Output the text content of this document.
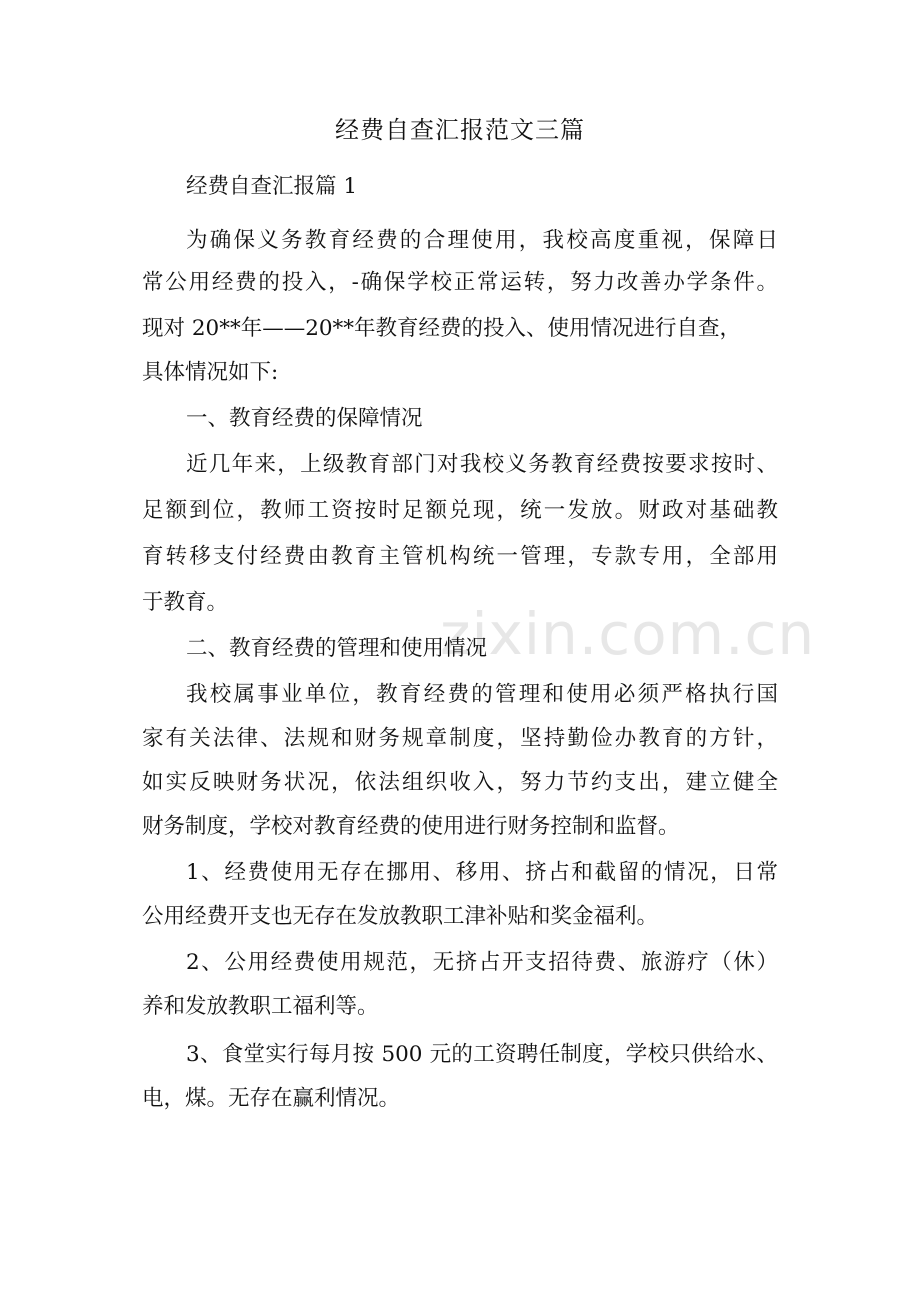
zixin.com.cn
经费自查汇报范文三篇
经费自查汇报篇 1
为确保义务教育经费的合理使用，我校高度重视，保障日
常公用经费的投入，-确保学校正常运转，努力改善办学条件。
现对 20**年——20**年教育经费的投入、使用情况进行自查，
具体情况如下:
一、教育经费的保障情况
近几年来，上级教育部门对我校义务教育经费按要求按时、
足额到位，教师工资按时足额兑现，统一发放。财政对基础教
育转移支付经费由教育主管机构统一管理，专款专用，全部用
于教育。
二、教育经费的管理和使用情况
我校属事业单位，教育经费的管理和使用必须严格执行国
家有关法律、法规和财务规章制度，坚持勤俭办教育的方针，
如实反映财务状况，依法组织收入，努力节约支出，建立健全
财务制度，学校对教育经费的使用进行财务控制和监督。
1、经费使用无存在挪用、移用、挤占和截留的情况，日常
公用经费开支也无存在发放教职工津补贴和奖金福利。
2、公用经费使用规范，无挤占开支招待费、旅游疗（休）
养和发放教职工福利等。
3、食堂实行每月按 500 元的工资聘任制度，学校只供给水、
电，煤。无存在赢利情况。
